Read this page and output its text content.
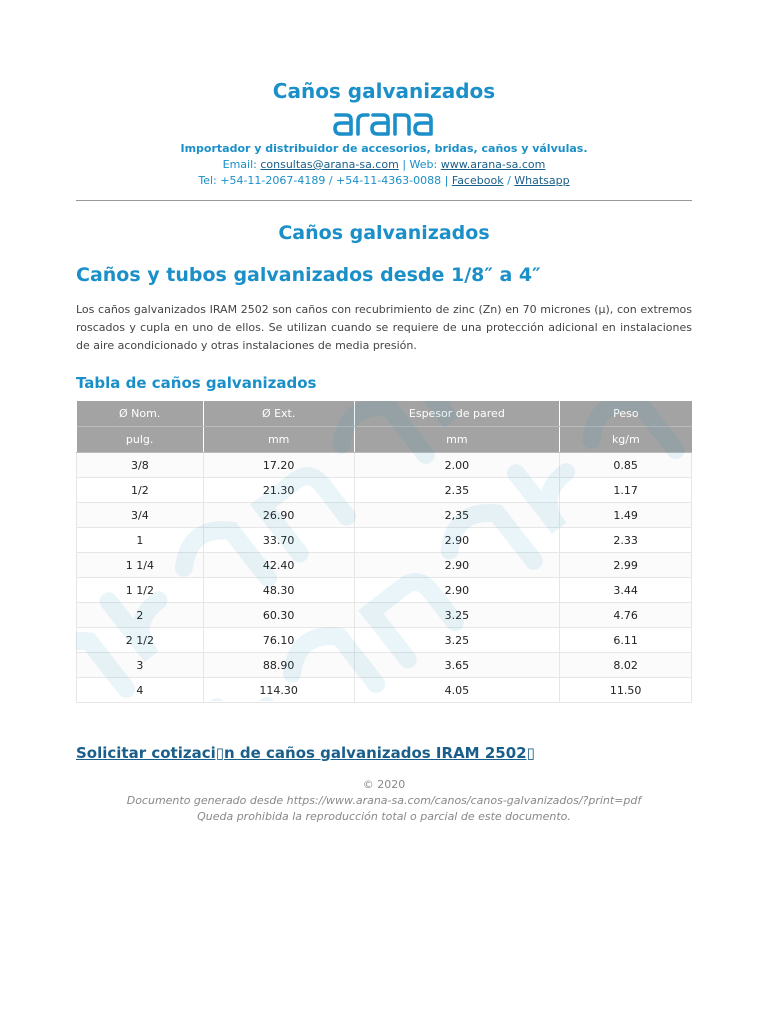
Caños galvanizados
Importador y distribuidor de accesorios, bridas, caños y válvulas.
Email: consultas@arana-sa.com | Web: www.arana-sa.com
Tel: +54-11-2067-4189 / +54-11-4363-0088 | Facebook / Whatsapp
Caños galvanizados
Caños y tubos galvanizados desde 1/8″ a 4″

Los caños galvanizados IRAM 2502 son caños con recubrimiento de zinc (Zn) en 70 micrones (µ), con extremos roscados y cupla en uno de ellos. Se utilizan cuando se requiere de una protección adicional en instalaciones de aire acondicionado y otras instalaciones de media presión.

Tabla de caños galvanizados
Ø Nom.	Ø Ext.	Espesor de pared	Peso
pulg.	mm	mm	kg/m
3/8	17.20	2.00	0.85
1/2	21.30	2.35	1.17
3/4	26.90	2,35	1.49
1	33.70	2.90	2.33
1 1/4	42.40	2.90	2.99
1 1/2	48.30	2.90	3.44
2	60.30	3.25	4.76
2 1/2	76.10	3.25	6.11
3	88.90	3.65	8.02
4	114.30	4.05	11.50
Solicitar cotizaci▯n de caños galvanizados IRAM 2502▯
© 2020
Documento generado desde https://www.arana-sa.com/canos/canos-galvanizados/?print=pdf
Queda prohibida la reproducción total o parcial de este documento.
